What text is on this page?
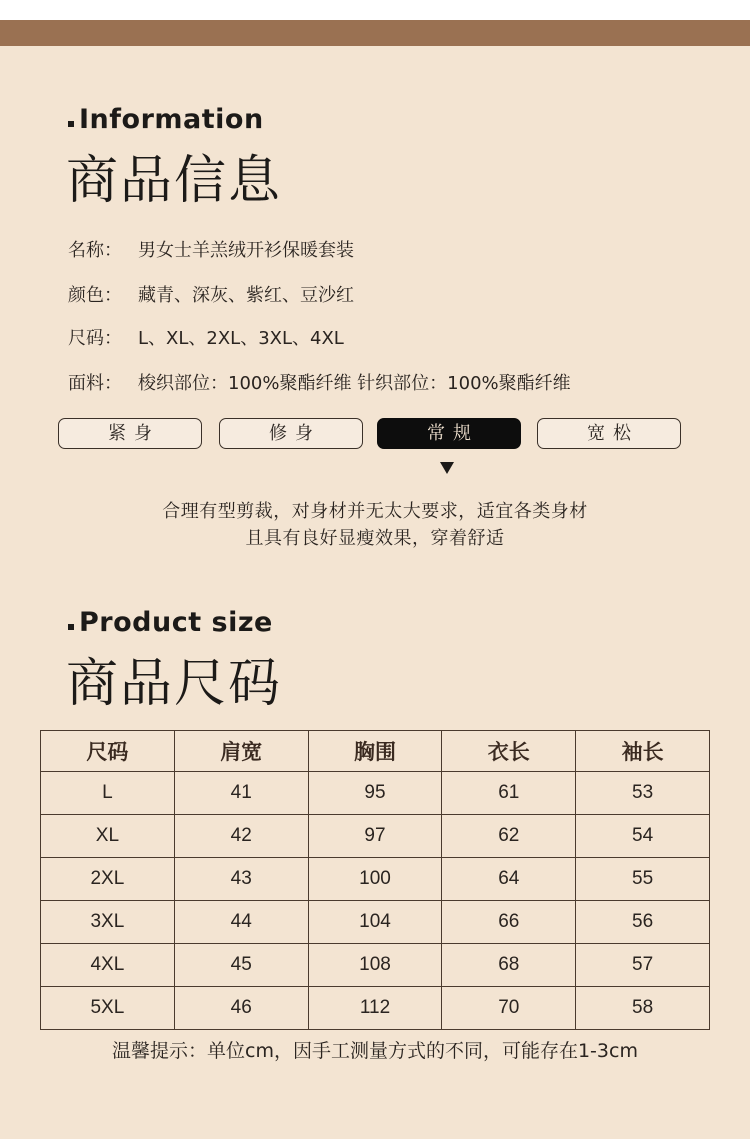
Information
商品信息
名称： 男女士羊羔绒开衫保暖套装
颜色： 藏青、深灰、紫红、豆沙红
尺码： L、XL、2XL、3XL、4XL
面料： 梭织部位：100%聚酯纤维 针织部位：100%聚酯纤维
紧身	修身	常规	宽松
合理有型剪裁，对身材并无太大要求，适宜各类身材
且具有良好显瘦效果，穿着舒适
Product size
商品尺码
尺码	肩宽	胸围	衣长	袖长
L	41	95	61	53
XL	42	97	62	54
2XL	43	100	64	55
3XL	44	104	66	56
4XL	45	108	68	57
5XL	46	112	70	58
温馨提示：单位cm，因手工测量方式的不同，可能存在1-3cm
